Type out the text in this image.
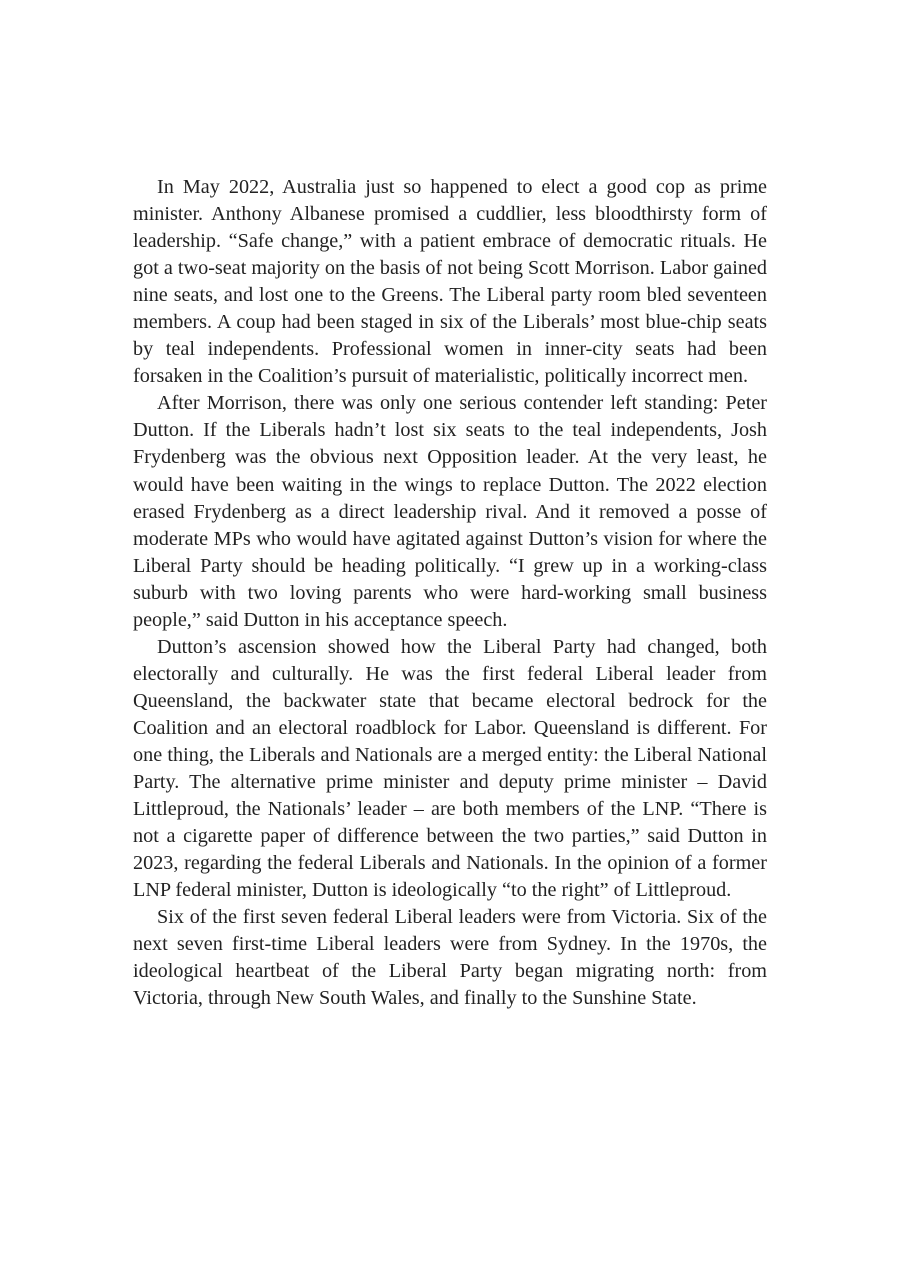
In May 2022, Australia just so happened to elect a good cop as prime minister. Anthony Albanese promised a cuddlier, less bloodthirsty form of leadership. “Safe change,” with a patient embrace of democratic rituals. He got a two-seat majority on the basis of not being Scott Morrison. Labor gained nine seats, and lost one to the Greens. The Liberal party room bled seventeen members. A coup had been staged in six of the Liberals’ most blue-chip seats by teal independents. Professional women in inner-city seats had been forsaken in the Coalition’s pursuit of materialistic, politically incorrect men.

After Morrison, there was only one serious contender left standing: Peter Dutton. If the Liberals hadn’t lost six seats to the teal independents, Josh Frydenberg was the obvious next Opposition leader. At the very least, he would have been waiting in the wings to replace Dutton. The 2022 election erased Frydenberg as a direct leadership rival. And it removed a posse of moderate MPs who would have agitated against Dutton’s vision for where the Liberal Party should be heading politically. “I grew up in a working-class suburb with two loving parents who were hard-working small business people,” said Dutton in his acceptance speech.

Dutton’s ascension showed how the Liberal Party had changed, both electorally and culturally. He was the first federal Liberal leader from Queensland, the backwater state that became electoral bedrock for the Coalition and an electoral roadblock for Labor. Queensland is different. For one thing, the Liberals and Nationals are a merged entity: the Liberal National Party. The alternative prime minister and deputy prime minister – David Littleproud, the Nationals’ leader – are both members of the LNP. “There is not a cigarette paper of difference between the two parties,” said Dutton in 2023, regarding the federal Liberals and Nationals. In the opinion of a former LNP federal minister, Dutton is ideologically “to the right” of Littleproud.

Six of the first seven federal Liberal leaders were from Victoria. Six of the next seven first-time Liberal leaders were from Sydney. In the 1970s, the ideological heartbeat of the Liberal Party began migrating north: from Victoria, through New South Wales, and finally to the Sunshine State.
